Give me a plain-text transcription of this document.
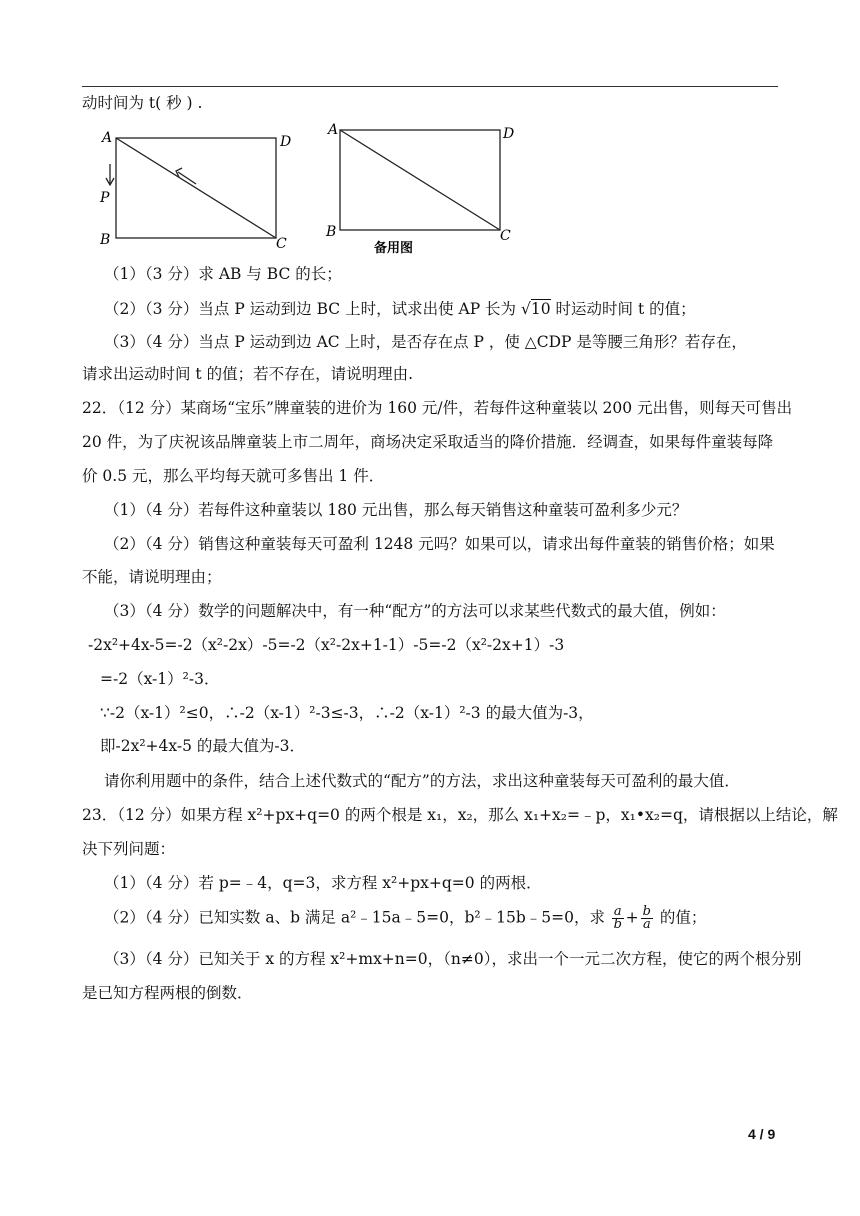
动时间为 t( 秒 ) .
A	D
P
B	C
A	D
B	C
备用图
（1）（3 分）求 AB 与 BC 的长；
（2）（3 分）当点 P 运动到边 BC 上时，试求出使 AP 长为 √10 时运动时间 t 的值；
（3）（4 分）当点 P 运动到边 AC 上时，是否存在点 P ，使 △CDP 是等腰三角形？若存在，
请求出运动时间 t 的值；若不存在，请说明理由.
22．（12 分）某商场“宝乐”牌童装的进价为 160 元/件，若每件这种童装以 200 元出售，则每天可售出
20 件，为了庆祝该品牌童装上市二周年，商场决定采取适当的降价措施．经调查，如果每件童装每降
价 0.5 元，那么平均每天就可多售出 1 件．
（1）（4 分）若每件这种童装以 180 元出售，那么每天销售这种童装可盈利多少元？
（2）（4 分）销售这种童装每天可盈利 1248 元吗？如果可以，请求出每件童装的销售价格；如果
不能，请说明理由；
（3）（4 分）数学的问题解决中，有一种“配方”的方法可以求某些代数式的最大值，例如：
-2x²+4x-5=-2（x²-2x）-5=-2（x²-2x+1-1）-5=-2（x²-2x+1）-3
=-2（x-1）²-3．
∵-2（x-1）²≤0，∴-2（x-1）²-3≤-3，∴-2（x-1）²-3 的最大值为-3，
即-2x²+4x-5 的最大值为-3．
请你利用题中的条件，结合上述代数式的“配方”的方法，求出这种童装每天可盈利的最大值．
23．（12 分）如果方程 x²+px+q=0 的两个根是 x₁，x₂，那么 x₁+x₂=﹣p，x₁•x₂=q，请根据以上结论，解
决下列问题：
（1）（4 分）若 p=﹣4，q=3，求方程 x²+px+q=0 的两根．
（2）（4 分）已知实数 a、b 满足 a²﹣15a﹣5=0，b²﹣15b﹣5=0，求 $\frac{a}{b} + \frac{b}{a}$ 的值；
（3）（4 分）已知关于 x 的方程 x²+mx+n=0，（n≠0），求出一个一元二次方程，使它的两个根分别
是已知方程两根的倒数．
4 / 9
